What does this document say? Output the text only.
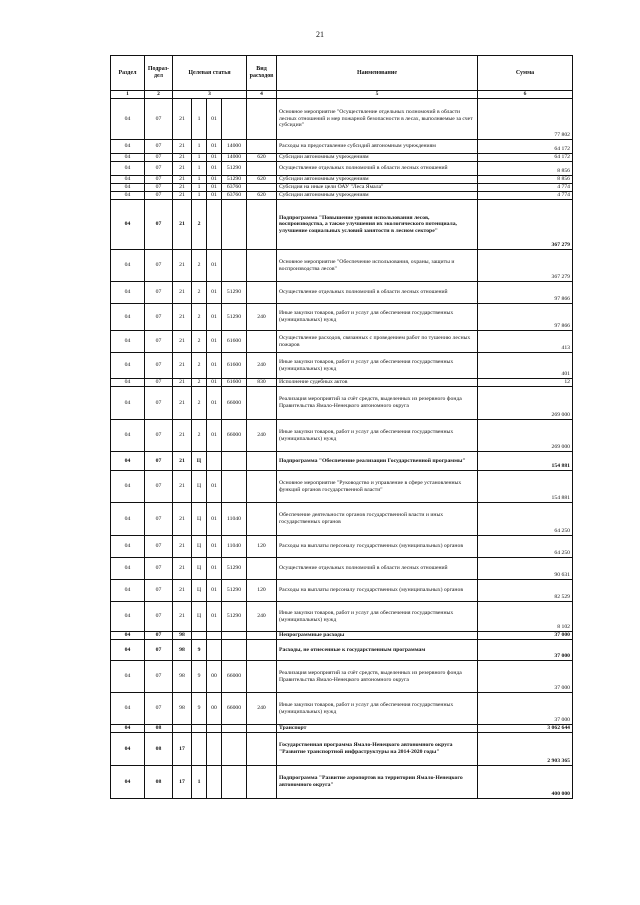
21
Раздел	Подраз-дел	Целевая статья				Вид расходов	Наименование	Сумма
1	2	3				4	5	6
04	07	21	1	01			Основное мероприятие "Осуществление отдельных полномочий в области лесных отношений и мер пожарной безопасности в лесах, выполняемые за счет субсидии"	77 802
04	07	21	1	01	14000		Расходы на предоставление субсидий автономным учреждениям	64 172
04	07	21	1	01	14000	620	Субсидии автономным учреждениям	64 172
04	07	21	1	01	51290		Осуществление отдельных полномочий в области лесных отношений	8 856
04	07	21	1	01	51290	620	Субсидии автономным учреждениям	8 856
04	07	21	1	01	63760		Субсидия на иные цели ОАУ "Леса Ямала"	4 774
04	07	21	1	01	63760	620	Субсидии автономным учреждениям	4 774
04	07	21	2				Подпрограмма "Повышение уровня использования лесов, воспроизводства, а также улучшения их экологического потенциала, улучшение социальных условий занятости в лесном секторе"	367 279
04	07	21	2	01			Основное мероприятие "Обеспечение использования, охраны, защиты и воспроизводства лесов"	367 279
04	07	21	2	01	51290		Осуществление отдельных полномочий в области лесных отношений	97 866
04	07	21	2	01	51290	240	Иные закупки товаров, работ и услуг для обеспечения государственных (муниципальных) нужд	97 866
04	07	21	2	01	61600		Осуществление расходов, связанных с проведением работ по тушению лесных пожаров	413
04	07	21	2	01	61600	240	Иные закупки товаров, работ и услуг для обеспечения государственных (муниципальных) нужд	401
04	07	21	2	01	61600	830	Исполнение судебных актов	12
04	07	21	2	01	66000		Реализация мероприятий за счёт средств, выделенных из резервного фонда Правительства Ямало-Ненецкого автономного округа	269 000
04	07	21	2	01	66000	240	Иные закупки товаров, работ и услуг для обеспечения государственных (муниципальных) нужд	269 000
04	07	21	Ц				Подпрограмма "Обеспечение реализации Государственной программы"	154 881
04	07	21	Ц	01			Основное мероприятие "Руководство и управление в сфере установленных функций органов государственной власти"	154 881
04	07	21	Ц	01	11040		Обеспечение деятельности органов государственной власти и иных государственных органов	64 250
04	07	21	Ц	01	11040	120	Расходы на выплаты персоналу государственных (муниципальных) органов	64 250
04	07	21	Ц	01	51290		Осуществление отдельных полномочий в области лесных отношений	90 631
04	07	21	Ц	01	51290	120	Расходы на выплаты персоналу государственных (муниципальных) органов	82 529
04	07	21	Ц	01	51290	240	Иные закупки товаров, работ и услуг для обеспечения государственных (муниципальных) нужд	8 102
04	07	98					Непрограммные расходы	37 000
04	07	98	9				Расходы, не отнесенные к государственным программам	37 000
04	07	98	9	00	66000		Реализация мероприятий за счёт средств, выделенных из резервного фонда Правительства Ямало-Ненецкого автономного округа	37 000
04	07	98	9	00	66000	240	Иные закупки товаров, работ и услуг для обеспечения государственных (муниципальных) нужд	37 000
04	08						Транспорт	3 062 644
04	08	17					Государственная программа Ямало-Ненецкого автономного округа "Развитие транспортной инфраструктуры на 2014-2020 годы"	2 903 365
04	08	17	1				Подпрограмма "Развитие аэропортов на территории Ямало-Ненецкого автономного округа"	400 000
